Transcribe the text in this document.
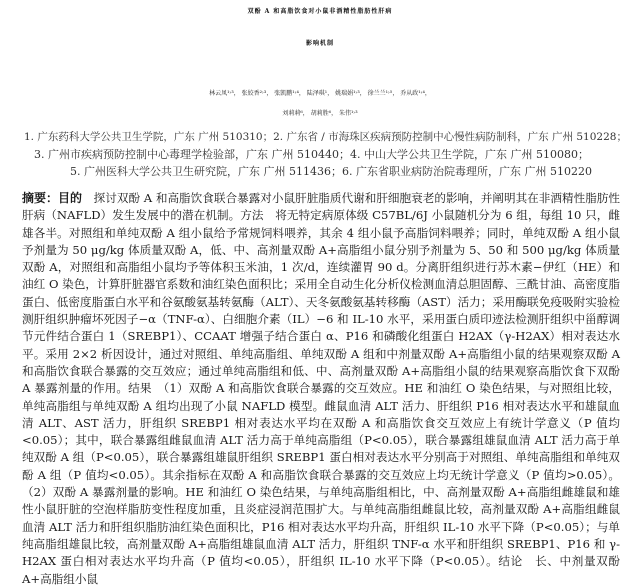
双酚 A 和高脂饮食对小鼠非酒精性脂肪性肝病
影响机制
林云凤¹˒³， 张姣香²˒³， 张凯鹏¹˒⁴， 陆泽琪¹， 姚瑞娟¹˒³， 徐兰兰¹˒⁵， 乔从政¹˒⁴，
刘莉莉⁶， 胡莉胜⁶， 朱伟¹˒³
1. 广东药科大学公共卫生学院，广东 广州 510310；2. 广东省 / 市海珠区疾病预防控制中心慢性病防制科，广东 广州 510228；
3. 广州市疾病预防控制中心毒理学检验部，广东 广州 510440；4. 中山大学公共卫生学院，广东 广州 510080；
5. 广州医科大学公共卫生研究院，广东 广州 511436；6. 广东省职业病防治院毒理所，广东 广州 510220
摘要：目的　探讨双酚 A 和高脂饮食联合暴露对小鼠肝脏脂质代谢和肝细胞衰老的影响，并阐明其在非酒精性脂肪性肝病（NAFLD）发生发展中的潜在机制。方法　将无特定病原体级 C57BL/6J 小鼠随机分为 6 组，每组 10 只，雌雄各半。对照组和单纯双酚 A 组小鼠给予常规饲料喂养，其余 4 组小鼠予高脂饲料喂养；同时，单纯双酚 A 组小鼠予剂量为 50 μg/kg 体质量双酚 A，低、中、高剂量双酚 A+高脂组小鼠分别予剂量为 5、50 和 500 μg/kg 体质量双酚 A，对照组和高脂组小鼠均予等体积玉米油，1 次/d，连续灌胃 90 d。分离肝组织进行苏木素−伊红（HE）和油红 O 染色，计算肝脏器官系数和油红染色面积比；采用全自动生化分析仪检测血清总胆固醇、三酰甘油、高密度脂蛋白、低密度脂蛋白水平和谷氨酸氨基转氨酶（ALT）、天冬氨酸氨基转移酶（AST）活力；采用酶联免疫吸附实验检测肝组织肿瘤坏死因子−α（TNF-α）、白细胞介素（IL）−6 和 IL-10 水平，采用蛋白质印迹法检测肝组织中甾醇调节元件结合蛋白 1（SREBP1）、CCAAT 增强子结合蛋白 α、P16 和磷酸化组蛋白 H2AX（γ-H2AX）相对表达水平。采用 2×2 析因设计，通过对照组、单纯高脂组、单纯双酚 A 组和中剂量双酚 A+高脂组小鼠的结果观察双酚 A 和高脂饮食联合暴露的交互效应；通过单纯高脂组和低、中、高剂量双酚 A+高脂组小鼠的结果观察高脂饮食下双酚 A 暴露剂量的作用。结果　（1）双酚 A 和高脂饮食联合暴露的交互效应。HE 和油红 O 染色结果，与对照组比较，单纯高脂组与单纯双酚 A 组均出现了小鼠 NAFLD 模型。雌鼠血清 ALT 活力、肝组织 P16 相对表达水平和雄鼠血清 ALT、AST 活力，肝组织 SREBP1 相对表达水平均在双酚 A 和高脂饮食交互效应上有统计学意义（P 值均<0.05）；其中，联合暴露组雌鼠血清 ALT 活力高于单纯高脂组（P<0.05），联合暴露组雄鼠血清 ALT 活力高于单纯双酚 A 组（P<0.05），联合暴露组雄鼠肝组织 SREBP1 蛋白相对表达水平分别高于对照组、单纯高脂组和单纯双酚 A 组（P 值均<0.05）。其余指标在双酚 A 和高脂饮食联合暴露的交互效应上均无统计学意义（P 值均>0.05）。（2）双酚 A 暴露剂量的影响。HE 和油红 O 染色结果，与单纯高脂组相比，中、高剂量双酚 A+高脂组雌雄鼠和雄性小鼠肝脏的空泡样脂肪变性程度加重，且炎症浸润范围扩大。与单纯高脂组雌鼠比较，高剂量双酚 A+高脂组雌鼠血清 ALT 活力和肝组织脂肪油红染色面积比，P16 相对表达水平均升高，肝组织 IL-10 水平下降（P<0.05）；与单纯高脂组雄鼠比较，高剂量双酚 A+高脂组雄鼠血清 ALT 活力，肝组织 TNF-α 水平和肝组织 SREBP1、P16 和 γ-H2AX 蛋白相对表达水平均升高（P 值均<0.05），肝组织 IL-10 水平下降（P<0.05）。结论　长、中剂量双酚 A+高脂组小鼠
